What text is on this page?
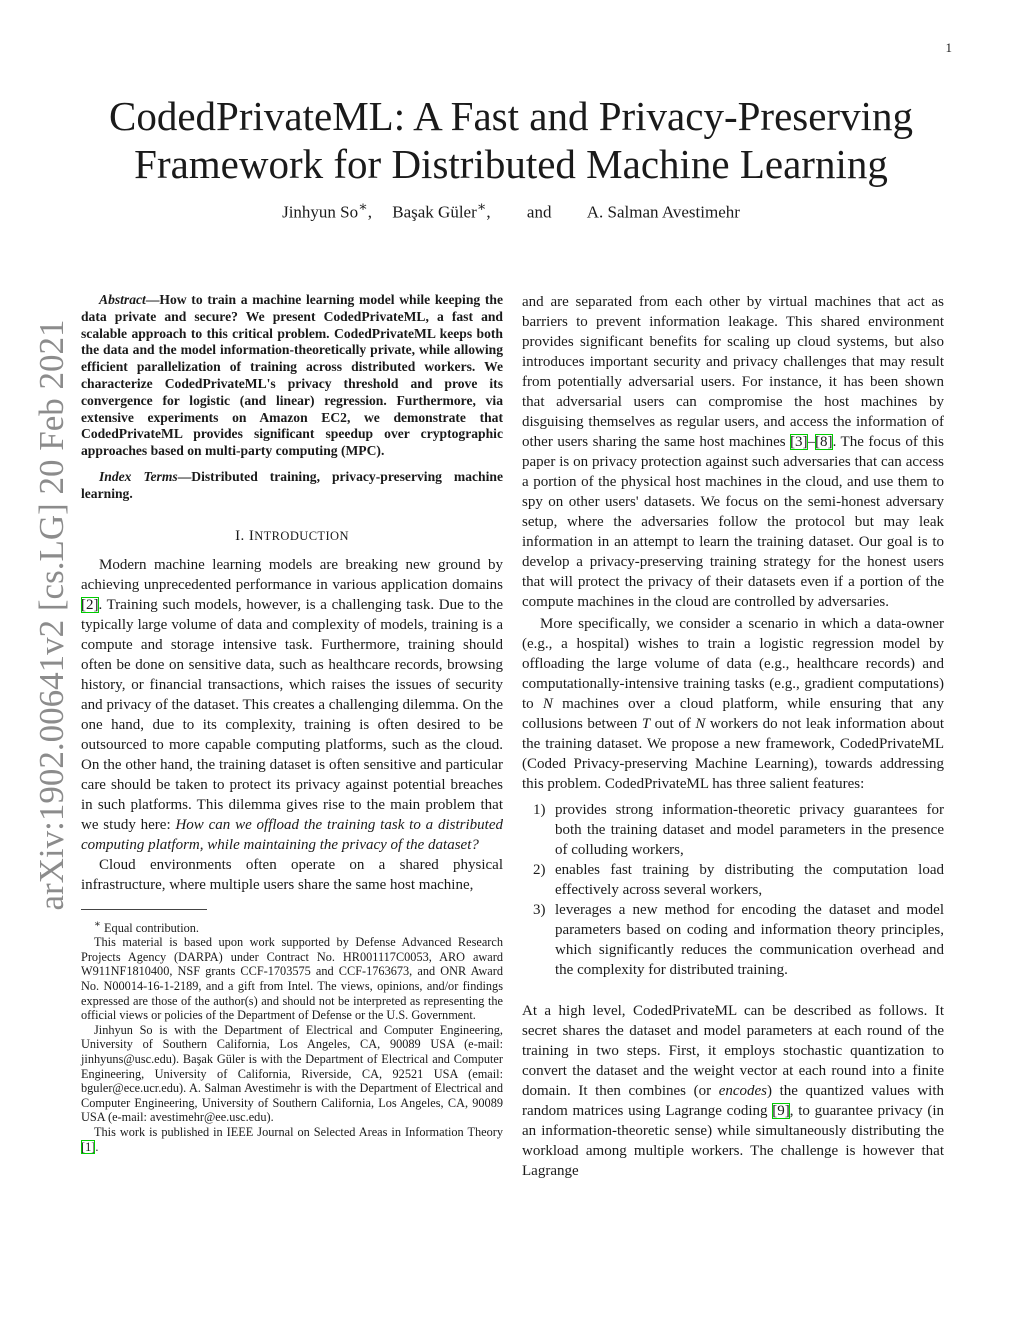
1
arXiv:1902.00641v2 [cs.LG] 20 Feb 2021
CodedPrivateML: A Fast and Privacy-Preserving
Framework for Distributed Machine Learning
Jinhyun So∗, Başak Güler∗, and A. Salman Avestimehr

Abstract—How to train a machine learning model while keeping the data private and secure? We present CodedPrivateML, a fast and scalable approach to this critical problem. CodedPrivateML keeps both the data and the model information-theoretically private, while allowing efficient parallelization of training across distributed workers. We characterize CodedPrivateML's privacy threshold and prove its convergence for logistic (and linear) regression. Furthermore, via extensive experiments on Amazon EC2, we demonstrate that CodedPrivateML provides significant speedup over cryptographic approaches based on multi-party computing (MPC).

Index Terms—Distributed training, privacy-preserving machine learning.

I. INTRODUCTION

Modern machine learning models are breaking new ground by achieving unprecedented performance in various application domains [2]. Training such models, however, is a challenging task. Due to the typically large volume of data and complexity of models, training is a compute and storage intensive task. Furthermore, training should often be done on sensitive data, such as healthcare records, browsing history, or financial transactions, which raises the issues of security and privacy of the dataset. This creates a challenging dilemma. On the one hand, due to its complexity, training is often desired to be outsourced to more capable computing platforms, such as the cloud. On the other hand, the training dataset is often sensitive and particular care should be taken to protect its privacy against potential breaches in such platforms. This dilemma gives rise to the main problem that we study here: How can we offload the training task to a distributed computing platform, while maintaining the privacy of the dataset?

Cloud environments often operate on a shared physical infrastructure, where multiple users share the same host machine,

∗ Equal contribution.

This material is based upon work supported by Defense Advanced Research Projects Agency (DARPA) under Contract No. HR001117C0053, ARO award W911NF1810400, NSF grants CCF-1703575 and CCF-1763673, and ONR Award No. N00014-16-1-2189, and a gift from Intel. The views, opinions, and/or findings expressed are those of the author(s) and should not be interpreted as representing the official views or policies of the Department of Defense or the U.S. Government.

Jinhyun So is with the Department of Electrical and Computer Engineering, University of Southern California, Los Angeles, CA, 90089 USA (e-mail: jinhyuns@usc.edu). Başak Güler is with the Department of Electrical and Computer Engineering, University of California, Riverside, CA, 92521 USA (email: bguler@ece.ucr.edu). A. Salman Avestimehr is with the Department of Electrical and Computer Engineering, University of Southern California, Los Angeles, CA, 90089 USA (e-mail: avestimehr@ee.usc.edu).

This work is published in IEEE Journal on Selected Areas in Information Theory [1].

and are separated from each other by virtual machines that act as barriers to prevent information leakage. This shared environment provides significant benefits for scaling up cloud systems, but also introduces important security and privacy challenges that may result from potentially adversarial users. For instance, it has been shown that adversarial users can compromise the host machines by disguising themselves as regular users, and access the information of other users sharing the same host machines [3]–[8]. The focus of this paper is on privacy protection against such adversaries that can access a portion of the physical host machines in the cloud, and use them to spy on other users' datasets. We focus on the semi-honest adversary setup, where the adversaries follow the protocol but may leak information in an attempt to learn the training dataset. Our goal is to develop a privacy-preserving training strategy for the honest users that will protect the privacy of their datasets even if a portion of the compute machines in the cloud are controlled by adversaries.

More specifically, we consider a scenario in which a data-owner (e.g., a hospital) wishes to train a logistic regression model by offloading the large volume of data (e.g., healthcare records) and computationally-intensive training tasks (e.g., gradient computations) to N machines over a cloud platform, while ensuring that any collusions between T out of N workers do not leak information about the training dataset. We propose a new framework, CodedPrivateML (Coded Privacy-preserving Machine Learning), towards addressing this problem. CodedPrivateML has three salient features:

1) provides strong information-theoretic privacy guarantees for both the training dataset and model parameters in the presence of colluding workers,
2) enables fast training by distributing the computation load effectively across several workers,
3) leverages a new method for encoding the dataset and model parameters based on coding and information theory principles, which significantly reduces the communication overhead and the complexity for distributed training.

At a high level, CodedPrivateML can be described as follows. It secret shares the dataset and model parameters at each round of the training in two steps. First, it employs stochastic quantization to convert the dataset and the weight vector at each round into a finite domain. It then combines (or encodes) the quantized values with random matrices using Lagrange coding [9], to guarantee privacy (in an information-theoretic sense) while simultaneously distributing the workload among multiple workers. The challenge is however that Lagrange
